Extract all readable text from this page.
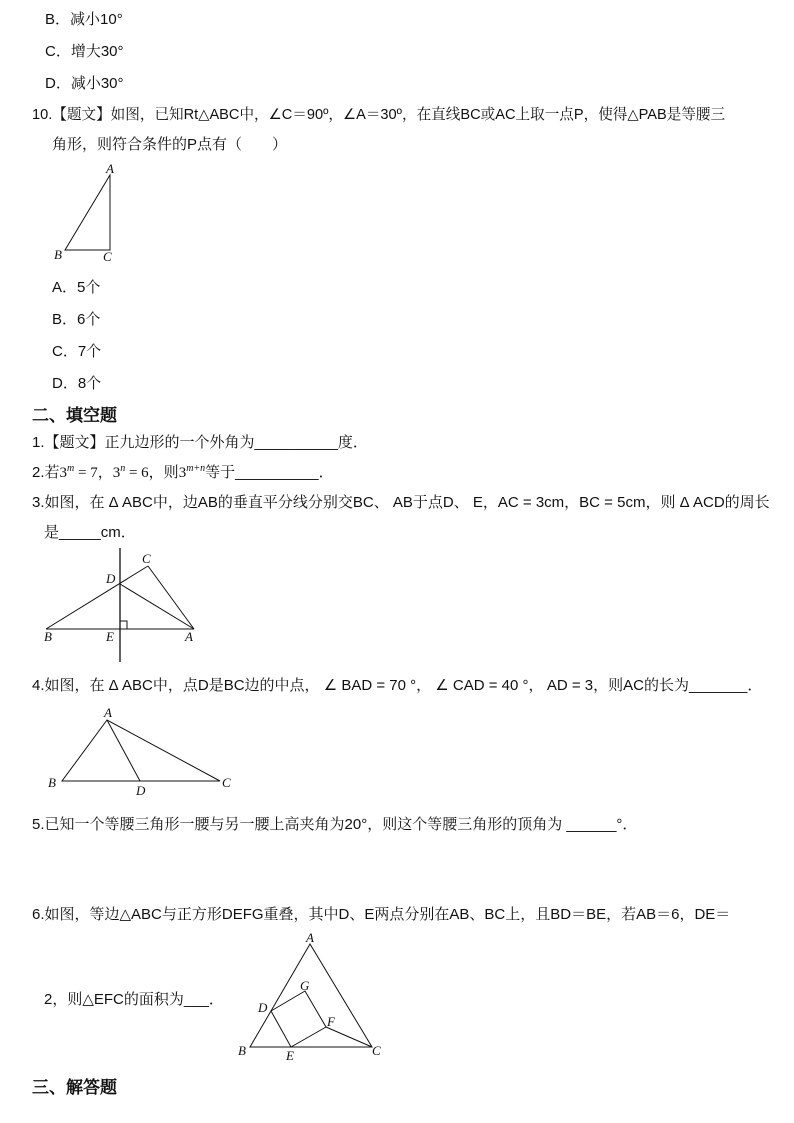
B．减小10°
C．增大30°
D．减小30°
10.【题文】如图，已知Rt△ABC中，∠C＝90º，∠A＝30º，在直线BC或AC上取一点P，使得△PAB是等腰三
角形，则符合条件的P点有（　　）
A
B	C
A．5个
B．6个
C．7个
D．8个
二、填空题
1.【题文】正九边形的一个外角为__________度．
2.若$3^m = 7$，$3^n = 6$，则$3^{m+n}$等于__________．
3.如图，在 Δ ABC中，边AB的垂直平分线分别交BC、 AB于点D、 E，AC = 3cm，BC = 5cm，则 Δ ACD的周长
是_____cm．
C
D
B	E	A
4.如图，在 Δ ABC中，点D是BC边的中点， ∠ BAD = 70 °， ∠ CAD = 40 °， AD = 3，则AC的长为_______．
A
B
D
C
5.已知一个等腰三角形一腰与另一腰上高夹角为20°，则这个等腰三角形的顶角为 ______°．
6.如图，等边△ABC与正方形DEFG重叠，其中D、E两点分别在AB、BC上，且BD＝BE，若AB＝6，DE＝
2，则△EFC的面积为___．
A
B	C
D
E
F
G
三、解答题
